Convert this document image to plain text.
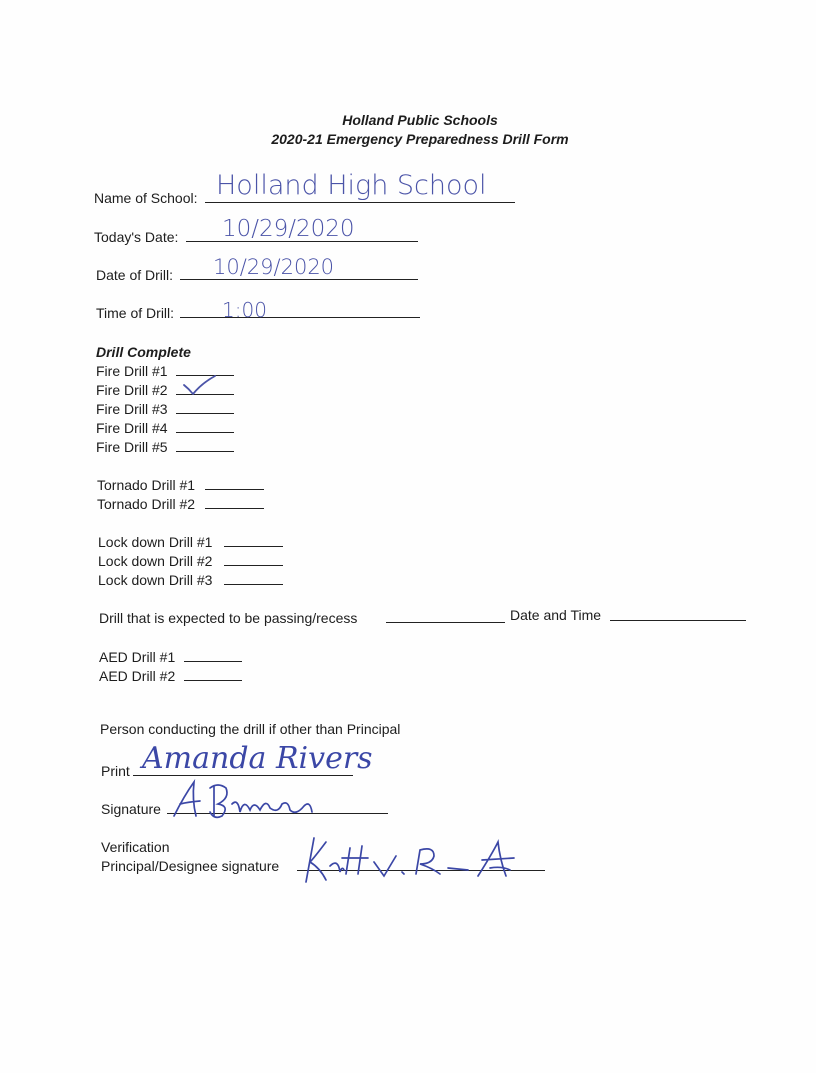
Holland Public Schools
2020-21 Emergency Preparedness Drill Form
Name of School: Holland High School
Today's Date: 10/29/2020
Date of Drill: 10/29/2020
Time of Drill: 1:00
Drill Complete
Fire Drill #1
Fire Drill #2
Fire Drill #3
Fire Drill #4
Fire Drill #5
Tornado Drill #1
Tornado Drill #2
Lock down Drill #1
Lock down Drill #2
Lock down Drill #3
Drill that is expected to be passing/recess	Date and Time
AED Drill #1
AED Drill #2
Person conducting the drill if other than Principal
Print Amanda Rivers
Signature
Verification
Principal/Designee signature
